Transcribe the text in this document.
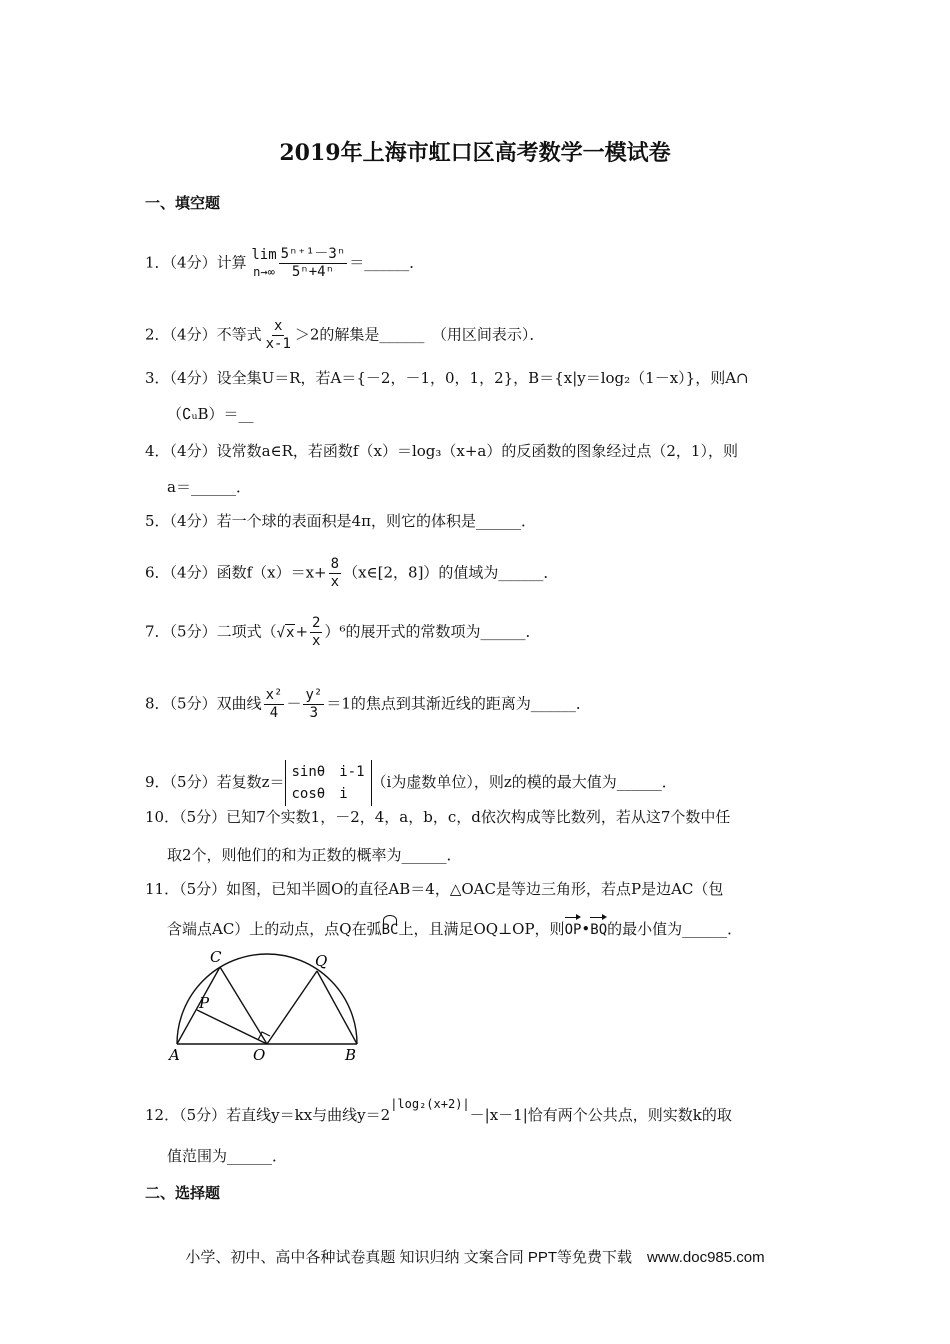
2019年上海市虹口区高考数学一模试卷
一、填空题
1．（4分）计算 lim
$n\to\infty \frac{\text{5ⁿ⁺¹－3ⁿ}}{\text{5ⁿ+4ⁿ}}$ ＝______．
2．（4分）不等式 $\frac{x}{x-1} >2$的解集是______　（用区间表示）．
3．（4分）设全集U＝R，若A＝{－2，－1，0，1，2}，B＝{x|y＝log₂（1－x）}，则A∩
（∁ᵤB）＝__
4．（4分）设常数a∈R，若函数f（x）＝log₃（x+a）的反函数的图象经过点（2，1），则
a＝______．
5．（4分）若一个球的表面积是4π，则它的体积是______．
6．（4分）函数$f(x)=x+ \frac{8}{x}$ （x∈[2，8]）的值域为______．
7．（5分）二项式$(√x+ \frac{2}{x} )^6$的展开式的常数项为______．
8．（5分）双曲线 $\frac{\text{x²}}{4} - \frac{\text{y²}}{3} =1$的焦点到其渐近线的距离为______．
9．（5分）若复数z＝
sinθ i-1
cosθ i
（i为虚数单位），则z的模的最大值为______．
10．（5分）已知7个实数1，－2，4，a，b，c，d依次构成等比数列，若从这7个数中任
取2个，则他们的和为正数的概率为______．
11．（5分）如图，已知半圆O的直径AB＝4，△OAC是等边三角形，若点P是边AC（包
含端点AC）上的动点，点Q在弧BC上，且满足OQ⊥OP，则OP•BQ的最小值为______．
C	Q
P
A	O	B
12．（5分）若直线y＝kx与曲线$y=2^{|log_2(x+2)|}-|x-1|$恰有两个公共点，则实数k的取
值范围为______．
二、选择题
小学、初中、高中各种试卷真题 知识归纳 文案合同 PPT等免费下载　www.doc985.com
